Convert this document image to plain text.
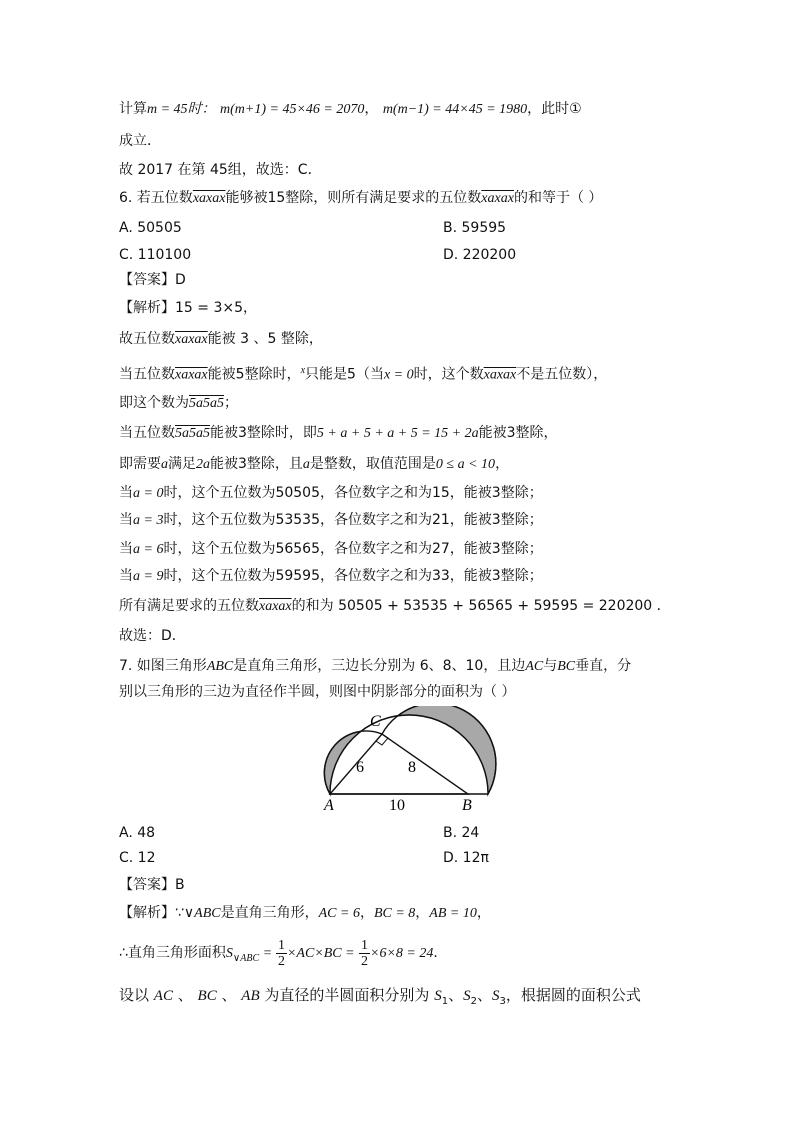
计算m = 45时： m(m+1) = 45×46 = 2070， m(m−1) = 44×45 = 1980，此时①
成立．
故 2017 在第 45组，故选：C．
6. 若五位数xaxax能够被15整除，则所有满足要求的五位数xaxax的和等于（ ）
A. 50505	B. 59595
C. 110100	D. 220200
【答案】D
【解析】15 = 3×5，
故五位数xaxax能被 3 、5 整除，
当五位数xaxax能被5整除时，$^x$只能是5（当x = 0时，这个数xaxax不是五位数），
即这个数为5a5a5；
当五位数5a5a5能被3整除时，即5 + a + 5 + a + 5 = 15 + 2a能被3整除，
即需要a满足2a能被3整除，且a是整数，取值范围是0 ≤ a < 10，
当a = 0时，这个五位数为50505，各位数字之和为15，能被3整除；
当a = 3时，这个五位数为53535，各位数字之和为21，能被3整除；
当a = 6时，这个五位数为56565，各位数字之和为27，能被3整除；
当a = 9时，这个五位数为59595，各位数字之和为33，能被3整除；
所有满足要求的五位数xaxax的和为 50505 + 53535 + 56565 + 59595 = 220200 ．
故选：D．
7. 如图三角形ABC是直角三角形，三边长分别为 6、8、10，且边AC与BC垂直，分
别以三角形的三边为直径作半圆，则图中阴影部分的面积为（ ）
A	B
C
6	8
10
A. 48	B. 24
C. 12	D. 12π
【答案】B
【解析】∵∨ABC是直角三角形，AC = 6，BC = 8，AB = 10，
∴直角三角形面积$S_{\vee ABC} = \frac{1}{2} \times AC\times BC = \frac{1}{2} \times 6\times 8 = 24$．
设以 AC 、 BC 、 AB 为直径的半圆面积分别为 $S_1$、$S_2$、$S_3$，根据圆的面积公式
